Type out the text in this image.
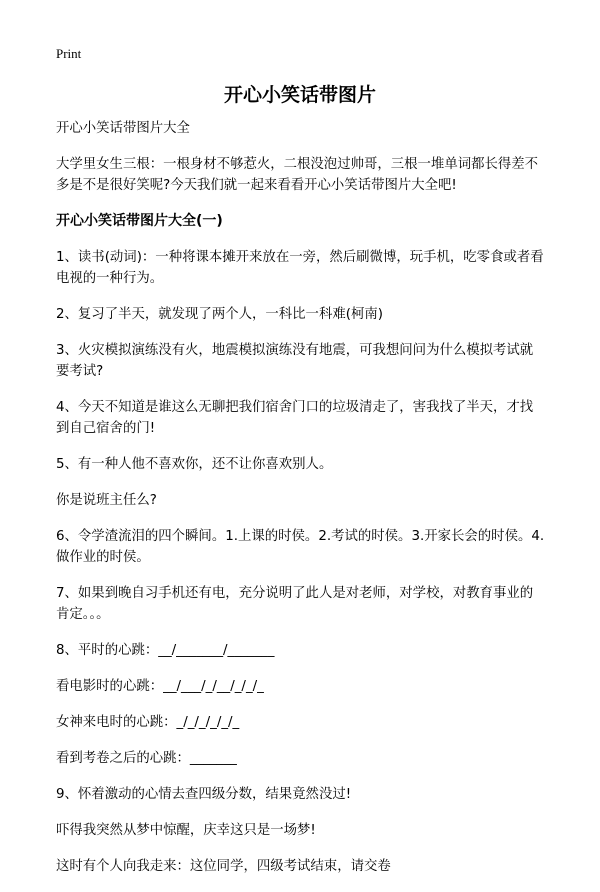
Print
开心小笑话带图片

开心小笑话带图片大全

大学里女生三根：一根身材不够惹火，二根没泡过帅哥，三根一堆单词都长得差不多是不是很好笑呢?今天我们就一起来看看开心小笑话带图片大全吧!

开心小笑话带图片大全(一)

1、读书(动词)：一种将课本摊开来放在一旁，然后刷微博，玩手机，吃零食或者看电视的一种行为。

2、复习了半天，就发现了两个人，一科比一科难(柯南)

3、火灾模拟演练没有火，地震模拟演练没有地震，可我想问问为什么模拟考试就要考试?

4、今天不知道是谁这么无聊把我们宿舍门口的垃圾清走了，害我找了半天，才找到自己宿舍的门!

5、有一种人他不喜欢你，还不让你喜欢别人。

你是说班主任么?

6、令学渣流泪的四个瞬间。1.上课的时侯。2.考试的时侯。3.开家长会的时侯。4.做作业的时侯。

7、如果到晚自习手机还有电，充分说明了此人是对老师，对学校，对教育事业的肯定。。。

8、平时的心跳：__/_______/_______

看电影时的心跳：__/___/_/__/_/_/_

女神来电时的心跳：_/_/_/_/_/_

看到考卷之后的心跳：_______

9、怀着激动的心情去查四级分数，结果竟然没过!

吓得我突然从梦中惊醒，庆幸这只是一场梦!

这时有个人向我走来：这位同学，四级考试结束，请交卷
